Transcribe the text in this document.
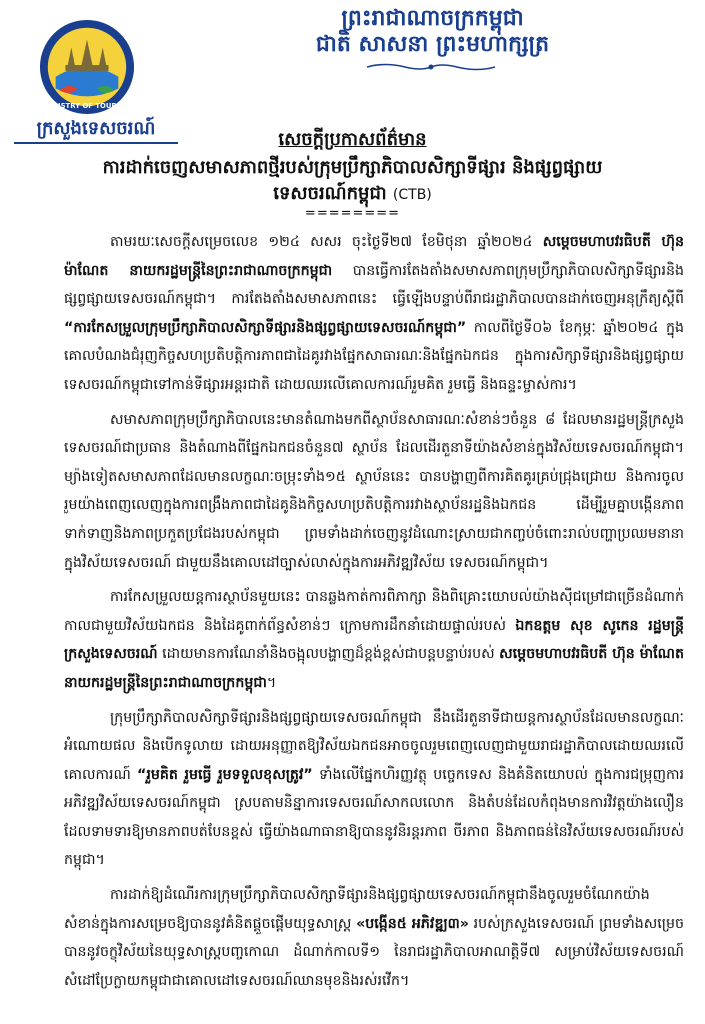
MINISTRY OF TOURISM
ក្រសួងទេសចរណ៍
ព្រះរាជាណាចក្រកម្ពុជា
ជាតិ សាសនា ព្រះមហាក្សត្រ
សេចក្តីប្រកាសព័ត៌មាន
ការដាក់ចេញសមាសភាពថ្មីរបស់ក្រុមប្រឹក្សាភិបាលសិក្សាទីផ្សារ និងផ្សព្វផ្សាយ
ទេសចរណ៍កម្ពុជា (CTB)
========

តាមរយៈសេចក្តីសម្រេចលេខ ១២៤ សសរ ចុះថ្ងៃទី២៧ ខែមិថុនា ឆ្នាំ២០២៤ សម្តេចមហាបវរធិបតី ហ៊ុន ម៉ាណែត នាយករដ្ឋមន្ត្រីនៃព្រះរាជាណាចក្រកម្ពុជា បានធ្វើការតែងតាំងសមាសភាពក្រុមប្រឹក្សាភិបាលសិក្សាទីផ្សារនិងផ្សព្វផ្សាយទេសចរណ៍កម្ពុជា។ ការតែងតាំងសមាសភាពនេះ ធ្វើឡើងបន្ទាប់ពីរាជរដ្ឋាភិបាលបានដាក់ចេញអនុក្រឹត្យស្តីពី “ការកែសម្រួលក្រុមប្រឹក្សាភិបាលសិក្សាទីផ្សារនិងផ្សព្វផ្សាយទេសចរណ៍កម្ពុជា” កាលពីថ្ងៃទី០៦ ខែកុម្ភៈ ឆ្នាំ២០២៤ ក្នុងគោលបំណងជំរុញកិច្ចសហប្រតិបត្តិការភាពជាដៃគូរវាងផ្នែកសាធារណៈនិងផ្នែកឯកជន ក្នុងការសិក្សាទីផ្សារនិងផ្សព្វផ្សាយទេសចរណ៍កម្ពុជាទៅកាន់ទីផ្សារអន្តរជាតិ ដោយឈរលើគោលការណ៍រួមគិត រួមធ្វើ និងធន្ទះម្ចាស់ការ។

សមាសភាពក្រុមប្រឹក្សាភិបាលនេះមានតំណាងមកពីស្ថាប័នសាធារណៈសំខាន់ៗចំនួន ៨ ដែលមានរដ្ឋមន្ត្រីក្រសួងទេសចរណ៍ជាប្រធាន និងតំណាងពីផ្នែកឯកជនចំនួន៧ ស្ថាប័ន ដែលដើរតួនាទីយ៉ាងសំខាន់ក្នុងវិស័យទេសចរណ៍កម្ពុជា។ ម្យ៉ាងទៀតសមាសភាពដែលមានលក្ខណៈចម្រុះទាំង១៥ ស្ថាប័ននេះ បានបង្ហាញពីការគិតគូរគ្រប់ជ្រុងជ្រោយ និងការចូលរួមយ៉ាងពេញលេញក្នុងការពង្រឹងភាពជាដៃគូនិងកិច្ចសហប្រតិបត្តិការរវាងស្ថាប័នរដ្ឋនិងឯកជន ដើម្បីរួមគ្នាបង្កើនភាពទាក់ទាញនិងភាពប្រកួតប្រជែងរបស់កម្ពុជា ព្រមទាំងដាក់ចេញនូវដំណោះស្រាយជាកញ្ចប់ចំពោះរាល់បញ្ហាប្រឈមនានា ក្នុងវិស័យទេសចរណ៍ ជាមួយនឹងគោលដៅច្បាស់លាស់ក្នុងការអភិវឌ្ឍវិស័យ ទេសចរណ៍កម្ពុជា។

ការកែសម្រួលយន្តការស្ថាប័នមួយនេះ បានឆ្លងកាត់ការពិភាក្សា និងពិគ្រោះយោបល់យ៉ាងស៊ីជម្រៅជាច្រើនដំណាក់កាលជាមួយវិស័យឯកជន និងដៃគូពាក់ព័ន្ធសំខាន់ៗ ក្រោមការដឹកនាំដោយផ្ទាល់របស់ ឯកឧត្តម សុខ សូកេន រដ្ឋមន្ត្រីក្រសួងទេសចរណ៍ ដោយមានការណែនាំនិងចង្អុលបង្ហាញដ៏ខ្ពង់ខ្ពស់ជាបន្តបន្ទាប់របស់ សម្តេចមហាបវរធិបតី ហ៊ុន ម៉ាណែត នាយករដ្ឋមន្ត្រីនៃព្រះរាជាណាចក្រកម្ពុជា។

ក្រុមប្រឹក្សាភិបាលសិក្សាទីផ្សារនិងផ្សព្វផ្សាយទេសចរណ៍កម្ពុជា នឹងដើរតួនាទីជាយន្តការស្ថាប័នដែលមានលក្ខណៈអំណោយផល និងបើកទូលាយ ដោយអនុញ្ញាតឱ្យវិស័យឯកជនអាចចូលរួមពេញលេញជាមួយរាជរដ្ឋាភិបាលដោយឈរលើគោលការណ៍ “រួមគិត រួមធ្វើ រួមទទួលខុសត្រូវ” ទាំងលើផ្នែកហិរញ្ញវត្ថុ បច្ចេកទេស និងគំនិតយោបល់ ក្នុងការជម្រុញការអភិវឌ្ឍវិស័យទេសចរណ៍កម្ពុជា ស្របតាមនិន្នាការទេសចរណ៍សាកលលោក និងតំបន់ដែលកំពុងមានការវិវត្តយ៉ាងលឿន ដែលទាមទារឱ្យមានភាពបត់បែនខ្ពស់ ធ្វើយ៉ាងណាធានាឱ្យបាននូវនិរន្តរភាព ចីរភាព និងភាពធន់នៃវិស័យទេសចរណ៍របស់កម្ពុជា។

ការដាក់ឱ្យដំណើរការក្រុមប្រឹក្សាភិបាលសិក្សាទីផ្សារនិងផ្សព្វផ្សាយទេសចរណ៍កម្ពុជានឹងចូលរួមចំណែកយ៉ាងសំខាន់ក្នុងការសម្រេចឱ្យបាននូវគំនិតផ្តួចផ្តើមយុទ្ធសាស្ត្រ «បង្កើន៥ អភិវឌ្ឍ៣» របស់ក្រសួងទេសចរណ៍ ព្រមទាំងសម្រេចបាននូវចក្ខុវិស័យនៃយុទ្ធសាស្ត្របញ្ចកោណ ដំណាក់កាលទី១ នៃរាជរដ្ឋាភិបាលអាណត្តិទី៧ សម្រាប់វិស័យទេសចរណ៍ សំដៅប្រែក្លាយកម្ពុជាជាគោលដៅទេសចរណ៍ឈានមុខនិងរស់រវើក។
